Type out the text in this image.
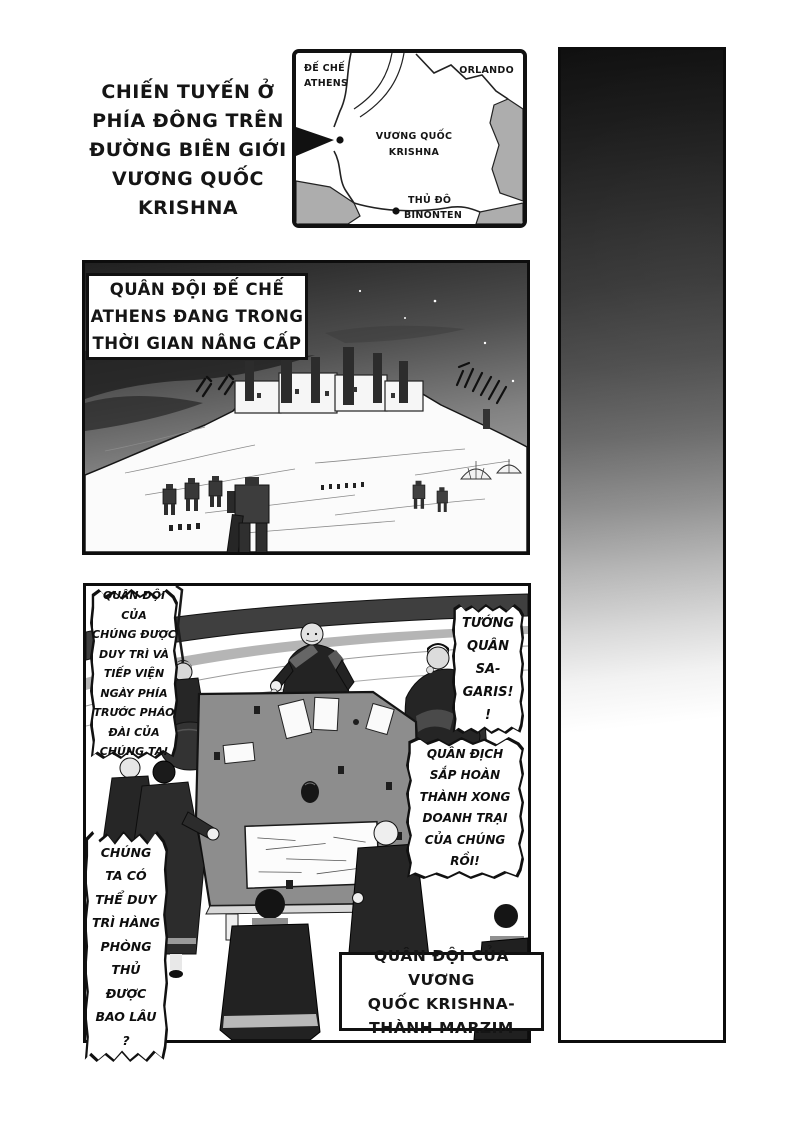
CHIẾN TUYẾN Ở
PHÍA ĐÔNG TRÊN
ĐƯỜNG BIÊN GIỚI
VƯƠNG QUỐC
KRISHNA
ĐẾ CHẾ
ATHENS
ORLANDO
VƯƠNG QUỐC
KRISHNA
THỦ ĐÔ
BINONTEN
QUÂN ĐỘI ĐẾ CHẾ
ATHENS ĐANG TRONG
THỜI GIAN NÂNG CẤP
QUÂN ĐỘI CỦA
CHÚNG ĐƯỢC
DUY TRÌ VÀ
TIẾP VIỆN
NGÀY PHÍA
TRƯỚC PHÁO
ĐÀI CỦA
CHÚNG TA!
TƯỚNG
QUÂN
SA-
GARIS!
!
QUÂN ĐỊCH
SẮP HOÀN
THÀNH XONG
DOANH TRẠI
CỦA CHÚNG
RỒI!
CHÚNG
TA CÓ
THỂ DUY
TRÌ HÀNG
PHÒNG
THỦ
ĐƯỢC
BAO LÂU
?
QUÂN ĐỘI CỦA VƯƠNG
QUỐC KRISHNA-
THÀNH MARZIM
